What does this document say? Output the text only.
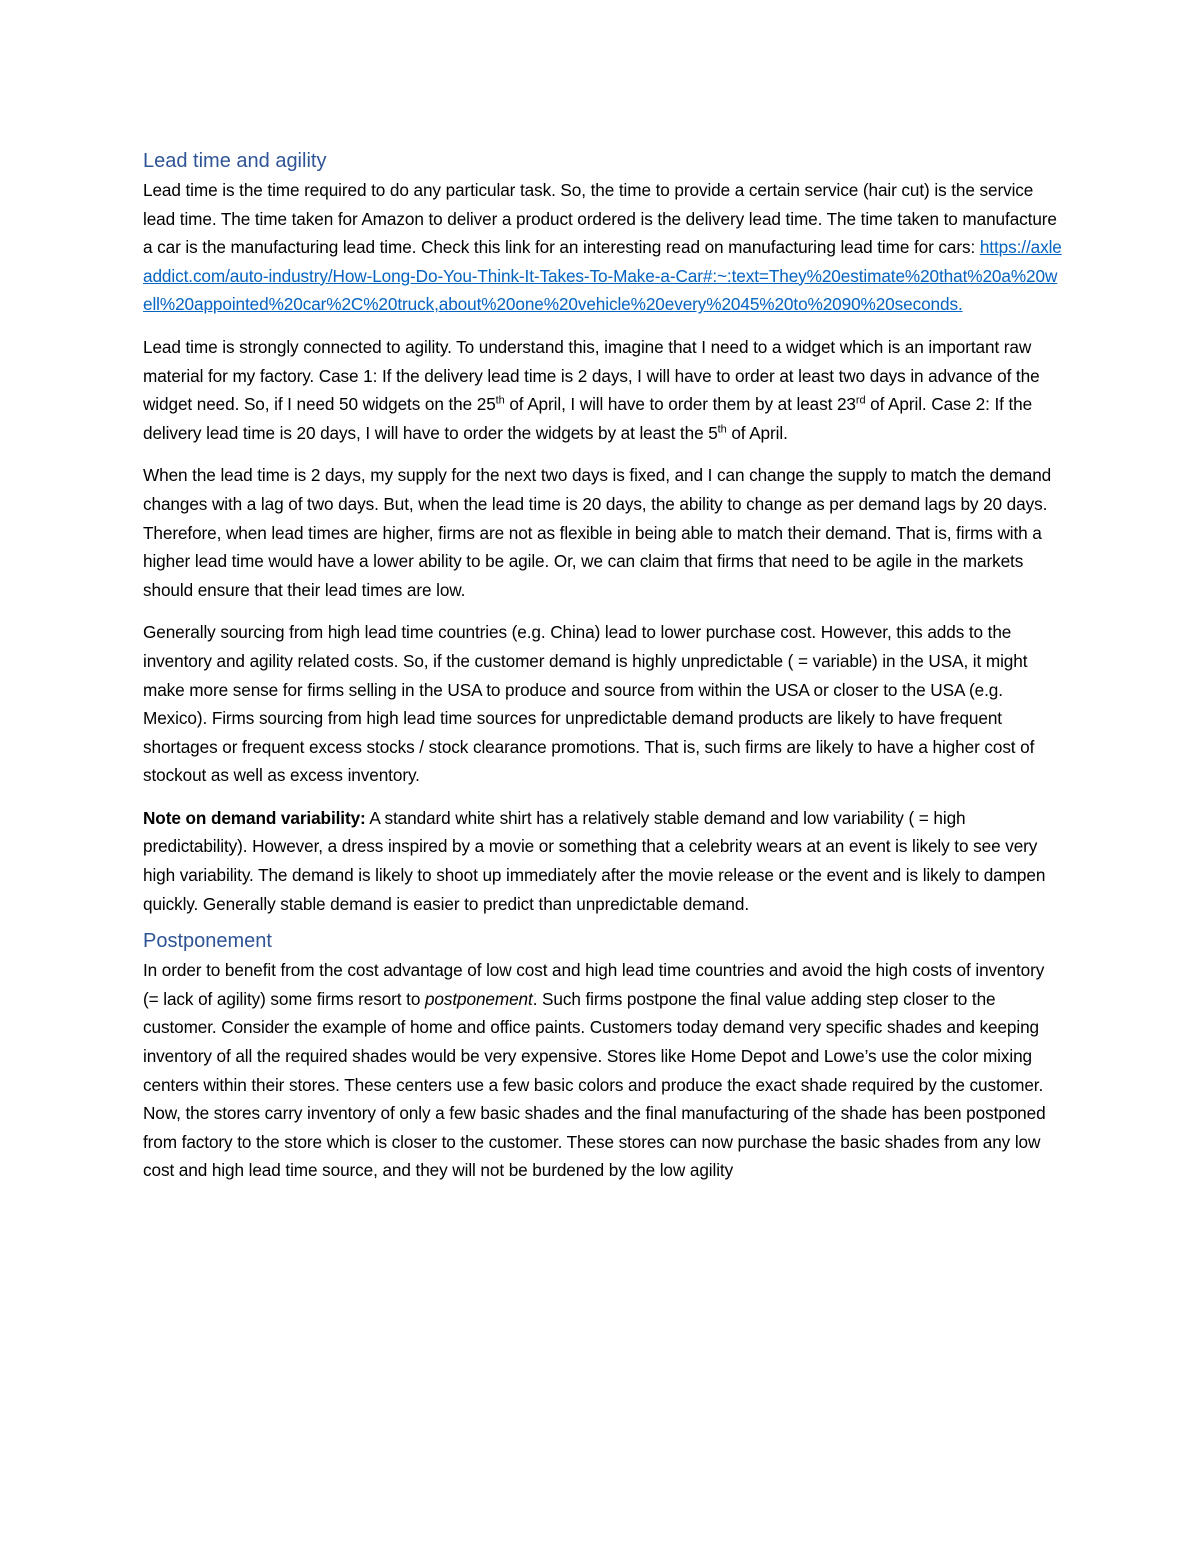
Lead time and agility

Lead time is the time required to do any particular task. So, the time to provide a certain service (hair cut) is the service lead time. The time taken for Amazon to deliver a product ordered is the delivery lead time. The time taken to manufacture a car is the manufacturing lead time. Check this link for an interesting read on manufacturing lead time for cars: https://axleaddict.com/auto-industry/How-Long-Do-You-Think-It-Takes-To-Make-a-Car#:~:text=They%20estimate%20that%20a%20well%20appointed%20car%2C%20truck,about%20one%20vehicle%20every%2045%20to%2090%20seconds.

Lead time is strongly connected to agility. To understand this, imagine that I need to a widget which is an important raw material for my factory. Case 1: If the delivery lead time is 2 days, I will have to order at least two days in advance of the widget need. So, if I need 50 widgets on the 25th of April, I will have to order them by at least 23rd of April. Case 2: If the delivery lead time is 20 days, I will have to order the widgets by at least the 5th of April.

When the lead time is 2 days, my supply for the next two days is fixed, and I can change the supply to match the demand changes with a lag of two days. But, when the lead time is 20 days, the ability to change as per demand lags by 20 days. Therefore, when lead times are higher, firms are not as flexible in being able to match their demand. That is, firms with a higher lead time would have a lower ability to be agile. Or, we can claim that firms that need to be agile in the markets should ensure that their lead times are low.

Generally sourcing from high lead time countries (e.g. China) lead to lower purchase cost. However, this adds to the inventory and agility related costs. So, if the customer demand is highly unpredictable ( = variable) in the USA, it might make more sense for firms selling in the USA to produce and source from within the USA or closer to the USA (e.g. Mexico). Firms sourcing from high lead time sources for unpredictable demand products are likely to have frequent shortages or frequent excess stocks / stock clearance promotions. That is, such firms are likely to have a higher cost of stockout as well as excess inventory.

Note on demand variability: A standard white shirt has a relatively stable demand and low variability ( = high predictability). However, a dress inspired by a movie or something that a celebrity wears at an event is likely to see very high variability. The demand is likely to shoot up immediately after the movie release or the event and is likely to dampen quickly. Generally stable demand is easier to predict than unpredictable demand.

Postponement

In order to benefit from the cost advantage of low cost and high lead time countries and avoid the high costs of inventory (= lack of agility) some firms resort to postponement. Such firms postpone the final value adding step closer to the customer. Consider the example of home and office paints. Customers today demand very specific shades and keeping inventory of all the required shades would be very expensive. Stores like Home Depot and Lowe’s use the color mixing centers within their stores. These centers use a few basic colors and produce the exact shade required by the customer. Now, the stores carry inventory of only a few basic shades and the final manufacturing of the shade has been postponed from factory to the store which is closer to the customer. These stores can now purchase the basic shades from any low cost and high lead time source, and they will not be burdened by the low agility
